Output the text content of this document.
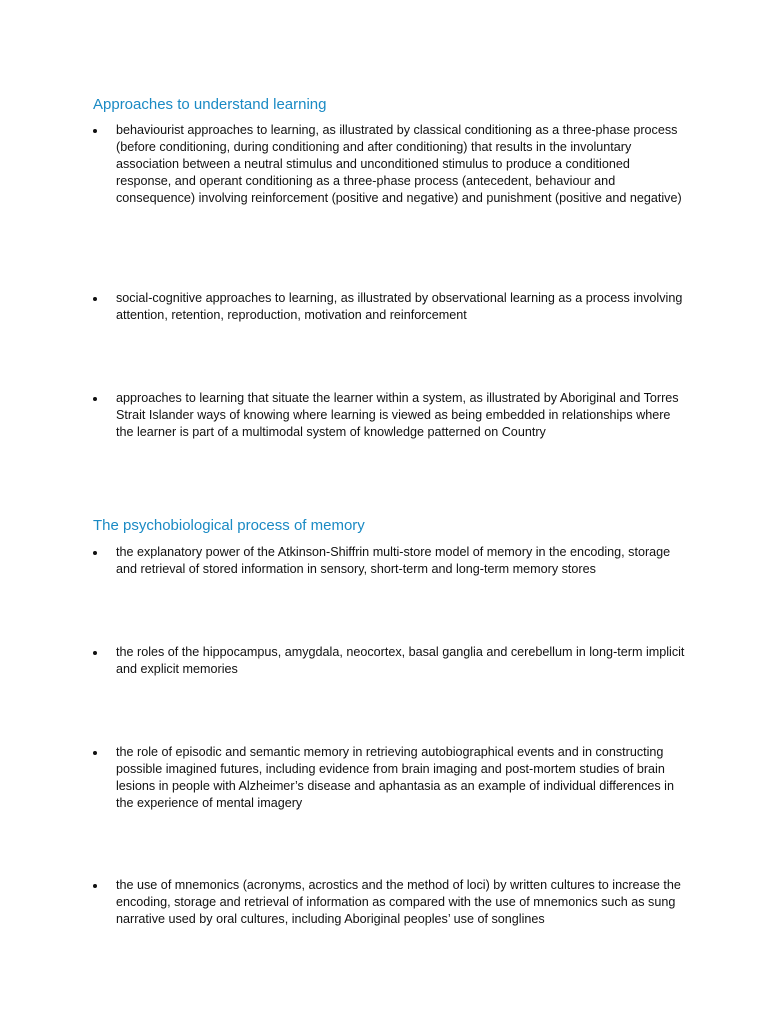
Approaches to understand learning

behaviourist approaches to learning, as illustrated by classical conditioning as a three-phase process (before conditioning, during conditioning and after conditioning) that results in the involuntary association between a neutral stimulus and unconditioned stimulus to produce a conditioned response, and operant conditioning as a three-phase process (antecedent, behaviour and consequence) involving reinforcement (positive and negative) and punishment (positive and negative)

social-cognitive approaches to learning, as illustrated by observational learning as a process involving attention, retention, reproduction, motivation and reinforcement

approaches to learning that situate the learner within a system, as illustrated by Aboriginal and Torres Strait Islander ways of knowing where learning is viewed as being embedded in relationships where the learner is part of a multimodal system of knowledge patterned on Country

The psychobiological process of memory

the explanatory power of the Atkinson-Shiffrin multi-store model of memory in the encoding, storage and retrieval of stored information in sensory, short-term and long-term memory stores

the roles of the hippocampus, amygdala, neocortex, basal ganglia and cerebellum in long-term implicit and explicit memories

the role of episodic and semantic memory in retrieving autobiographical events and in constructing possible imagined futures, including evidence from brain imaging and post-mortem studies of brain lesions in people with Alzheimer’s disease and aphantasia as an example of individual differences in the experience of mental imagery

the use of mnemonics (acronyms, acrostics and the method of loci) by written cultures to increase the encoding, storage and retrieval of information as compared with the use of mnemonics such as sung narrative used by oral cultures, including Aboriginal peoples’ use of songlines
